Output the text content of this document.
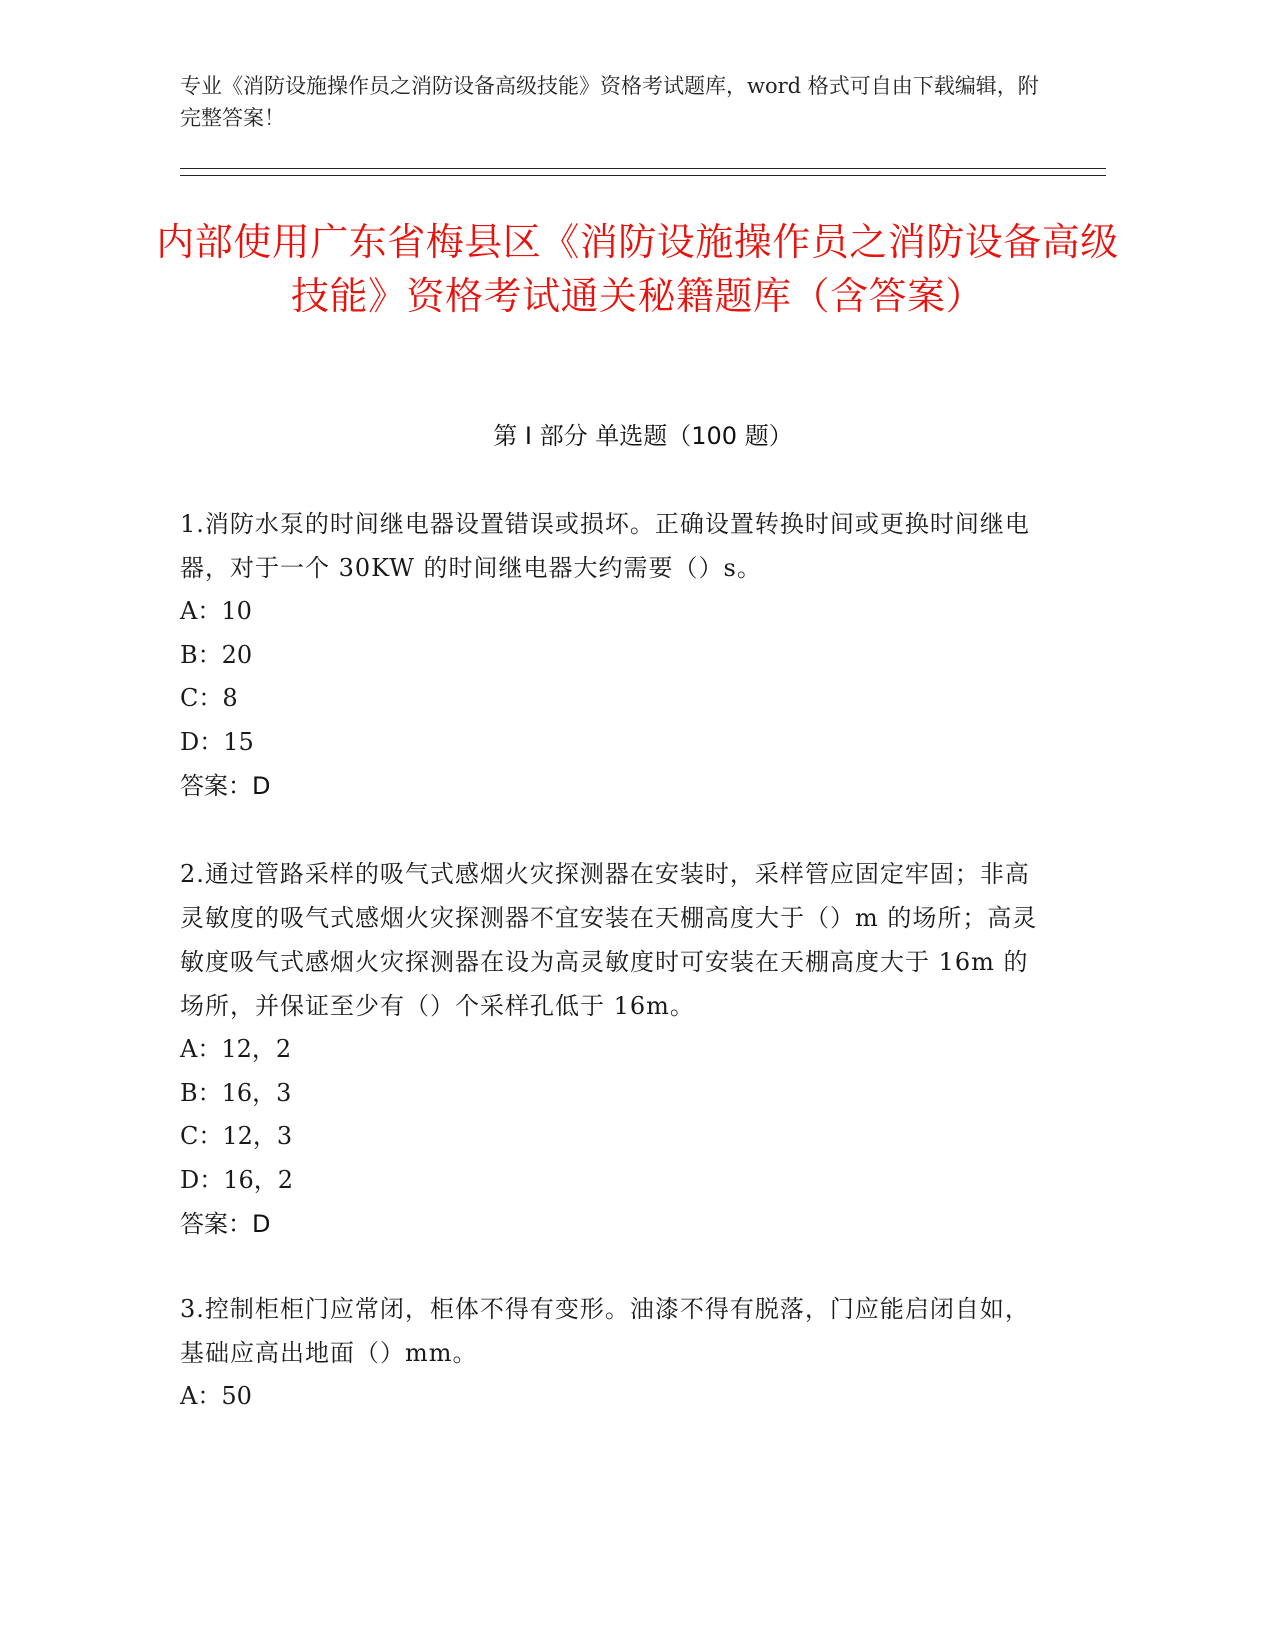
专业《消防设施操作员之消防设备高级技能》资格考试题库，word 格式可自由下载编辑，附完整答案！
内部使用广东省梅县区《消防设施操作员之消防设备高级技能》资格考试通关秘籍题库（含答案）
第 I 部分 单选题（100 题）
1.消防水泵的时间继电器设置错误或损坏。正确设置转换时间或更换时间继电器，对于一个 30KW 的时间继电器大约需要（）s。
A：10
B：20
C：8
D：15
答案：D
2.通过管路采样的吸气式感烟火灾探测器在安装时，采样管应固定牢固；非高灵敏度的吸气式感烟火灾探测器不宜安装在天棚高度大于（）m 的场所；高灵敏度吸气式感烟火灾探测器在设为高灵敏度时可安装在天棚高度大于 16m 的场所，并保证至少有（）个采样孔低于 16m。
A：12，2
B：16，3
C：12，3
D：16，2
答案：D
3.控制柜柜门应常闭，柜体不得有变形。油漆不得有脱落，门应能启闭自如，基础应高出地面（）mm。
A：50
